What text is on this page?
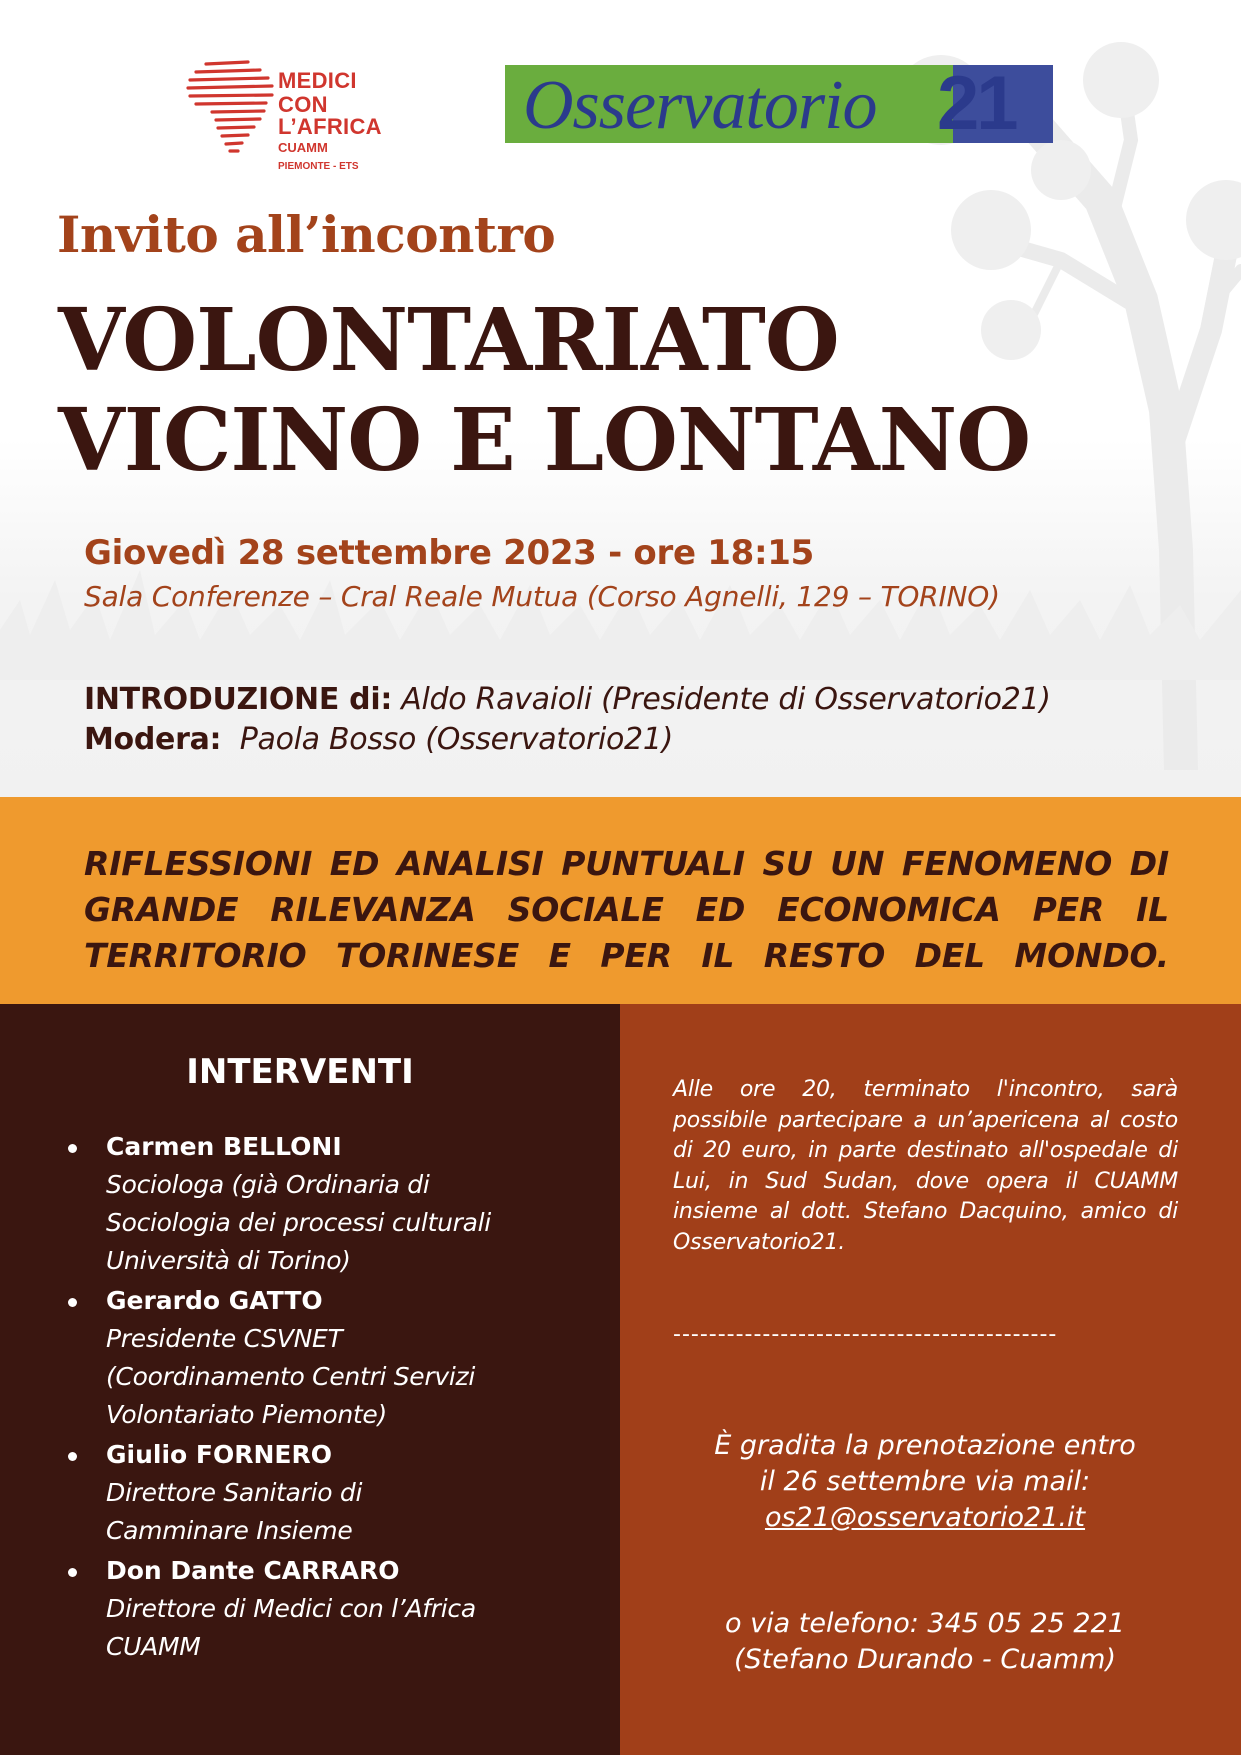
MEDICI
CON L’AFRICA
CUAMM
PIEMONTE - ETS
Osservatorio 21
Invito all’incontro
VOLONTARIATO
VICINO E LONTANO
Giovedì 28 settembre 2023 - ore 18:15
Sala Conferenze – Cral Reale Mutua (Corso Agnelli, 129 – TORINO)
INTRODUZIONE di: Aldo Ravaioli (Presidente di Osservatorio21)
Modera: Paola Bosso (Osservatorio21)
RIFLESSIONI ED ANALISI PUNTUALI SU UN FENOMENO DI GRANDE RILEVANZA SOCIALE ED ECONOMICA PER IL TERRITORIO TORINESE E PER IL RESTO DEL MONDO.
INTERVENTI
Carmen BELLONI
Sociologa (già Ordinaria di
Sociologia dei processi culturali
Università di Torino)
Gerardo GATTO
Presidente CSVNET
(Coordinamento Centri Servizi
Volontariato Piemonte)
Giulio FORNERO
Direttore Sanitario di
Camminare Insieme
Don Dante CARRARO
Direttore di Medici con l’Africa
CUAMM
Alle ore 20, terminato l'incontro, sarà possibile partecipare a un’apericena al costo di 20 euro, in parte destinato all'ospedale di Lui, in Sud Sudan, dove opera il CUAMM insieme al dott. Stefano Dacquino, amico di Osservatorio21.
-------------------------------------------
È gradita la prenotazione entro
il 26 settembre via mail:
os21@osservatorio21.it
o via telefono: 345 05 25 221
(Stefano Durando - Cuamm)
